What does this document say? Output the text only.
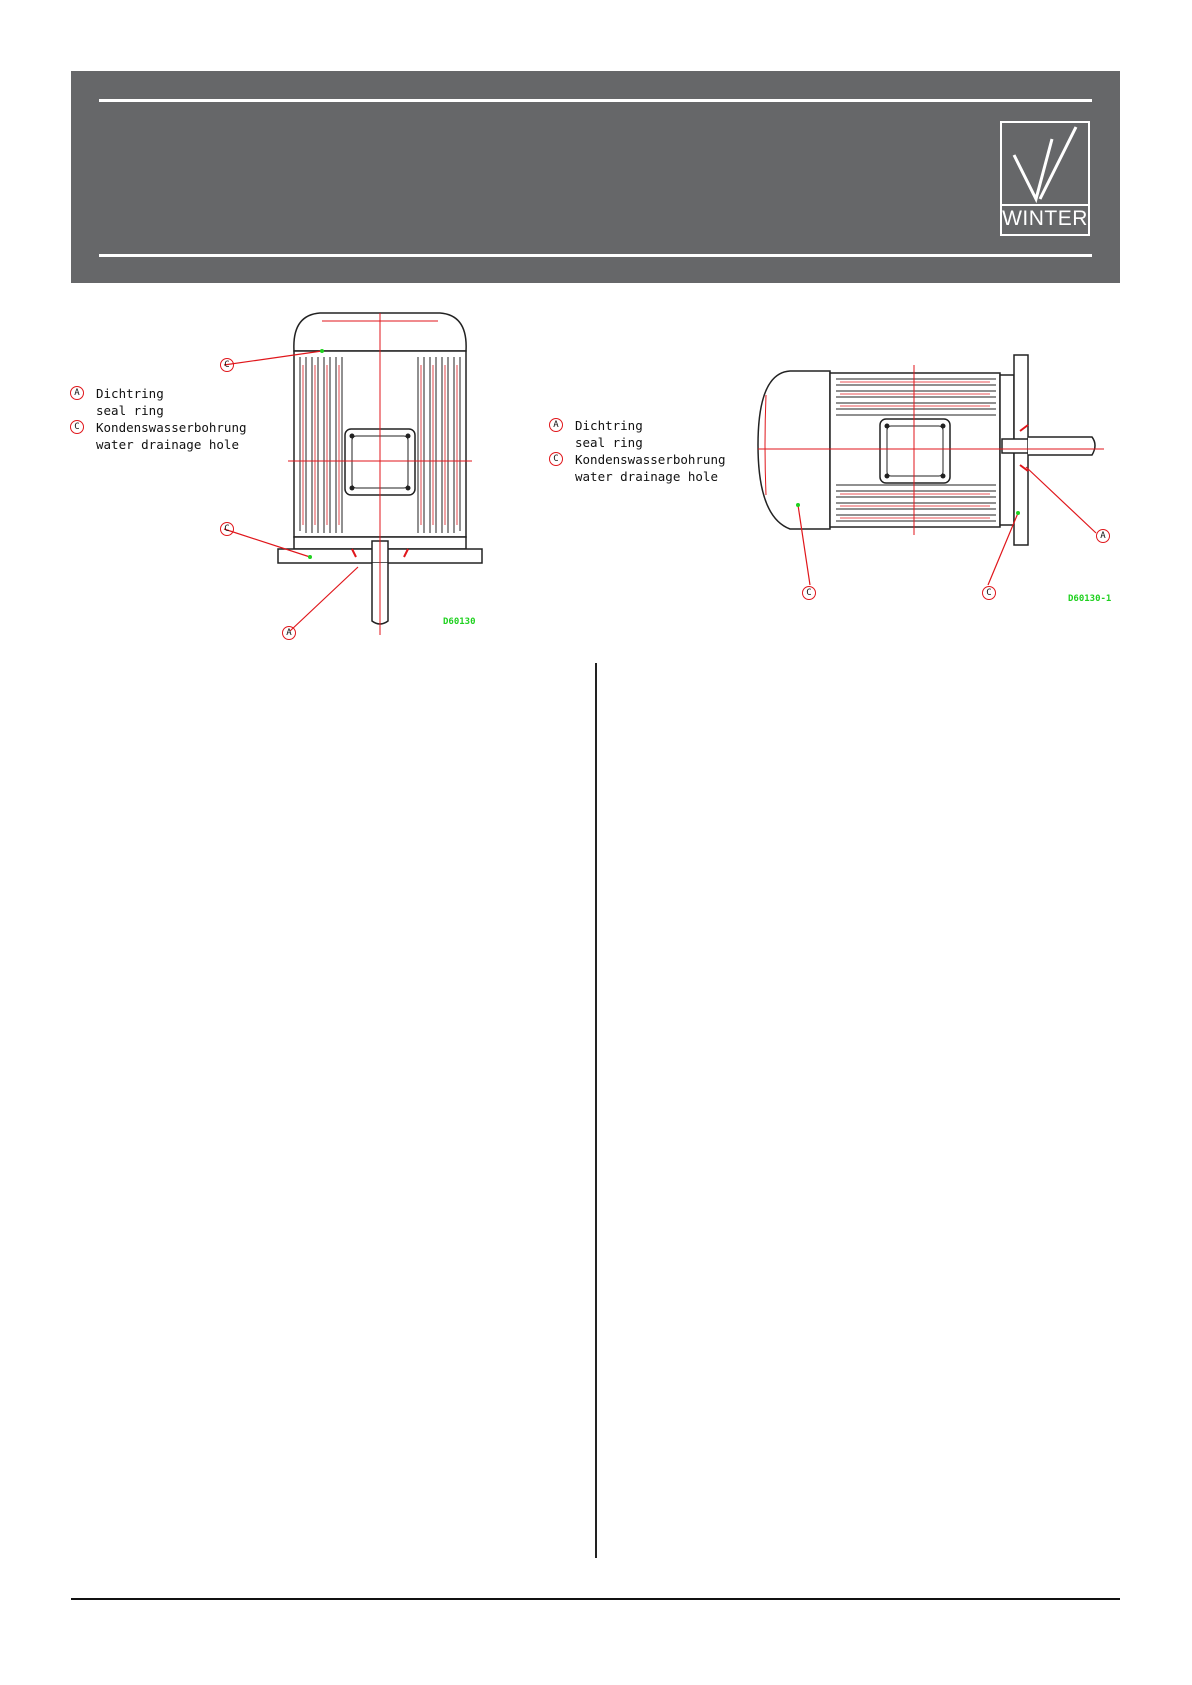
WINTER
A	Dichtring
seal ring
C	Kondenswasserbohrung
water drainage hole
C
C
A
D60130
A	Dichtring
seal ring
C	Kondenswasserbohrung
water drainage hole
A
C	C
D60130-1
